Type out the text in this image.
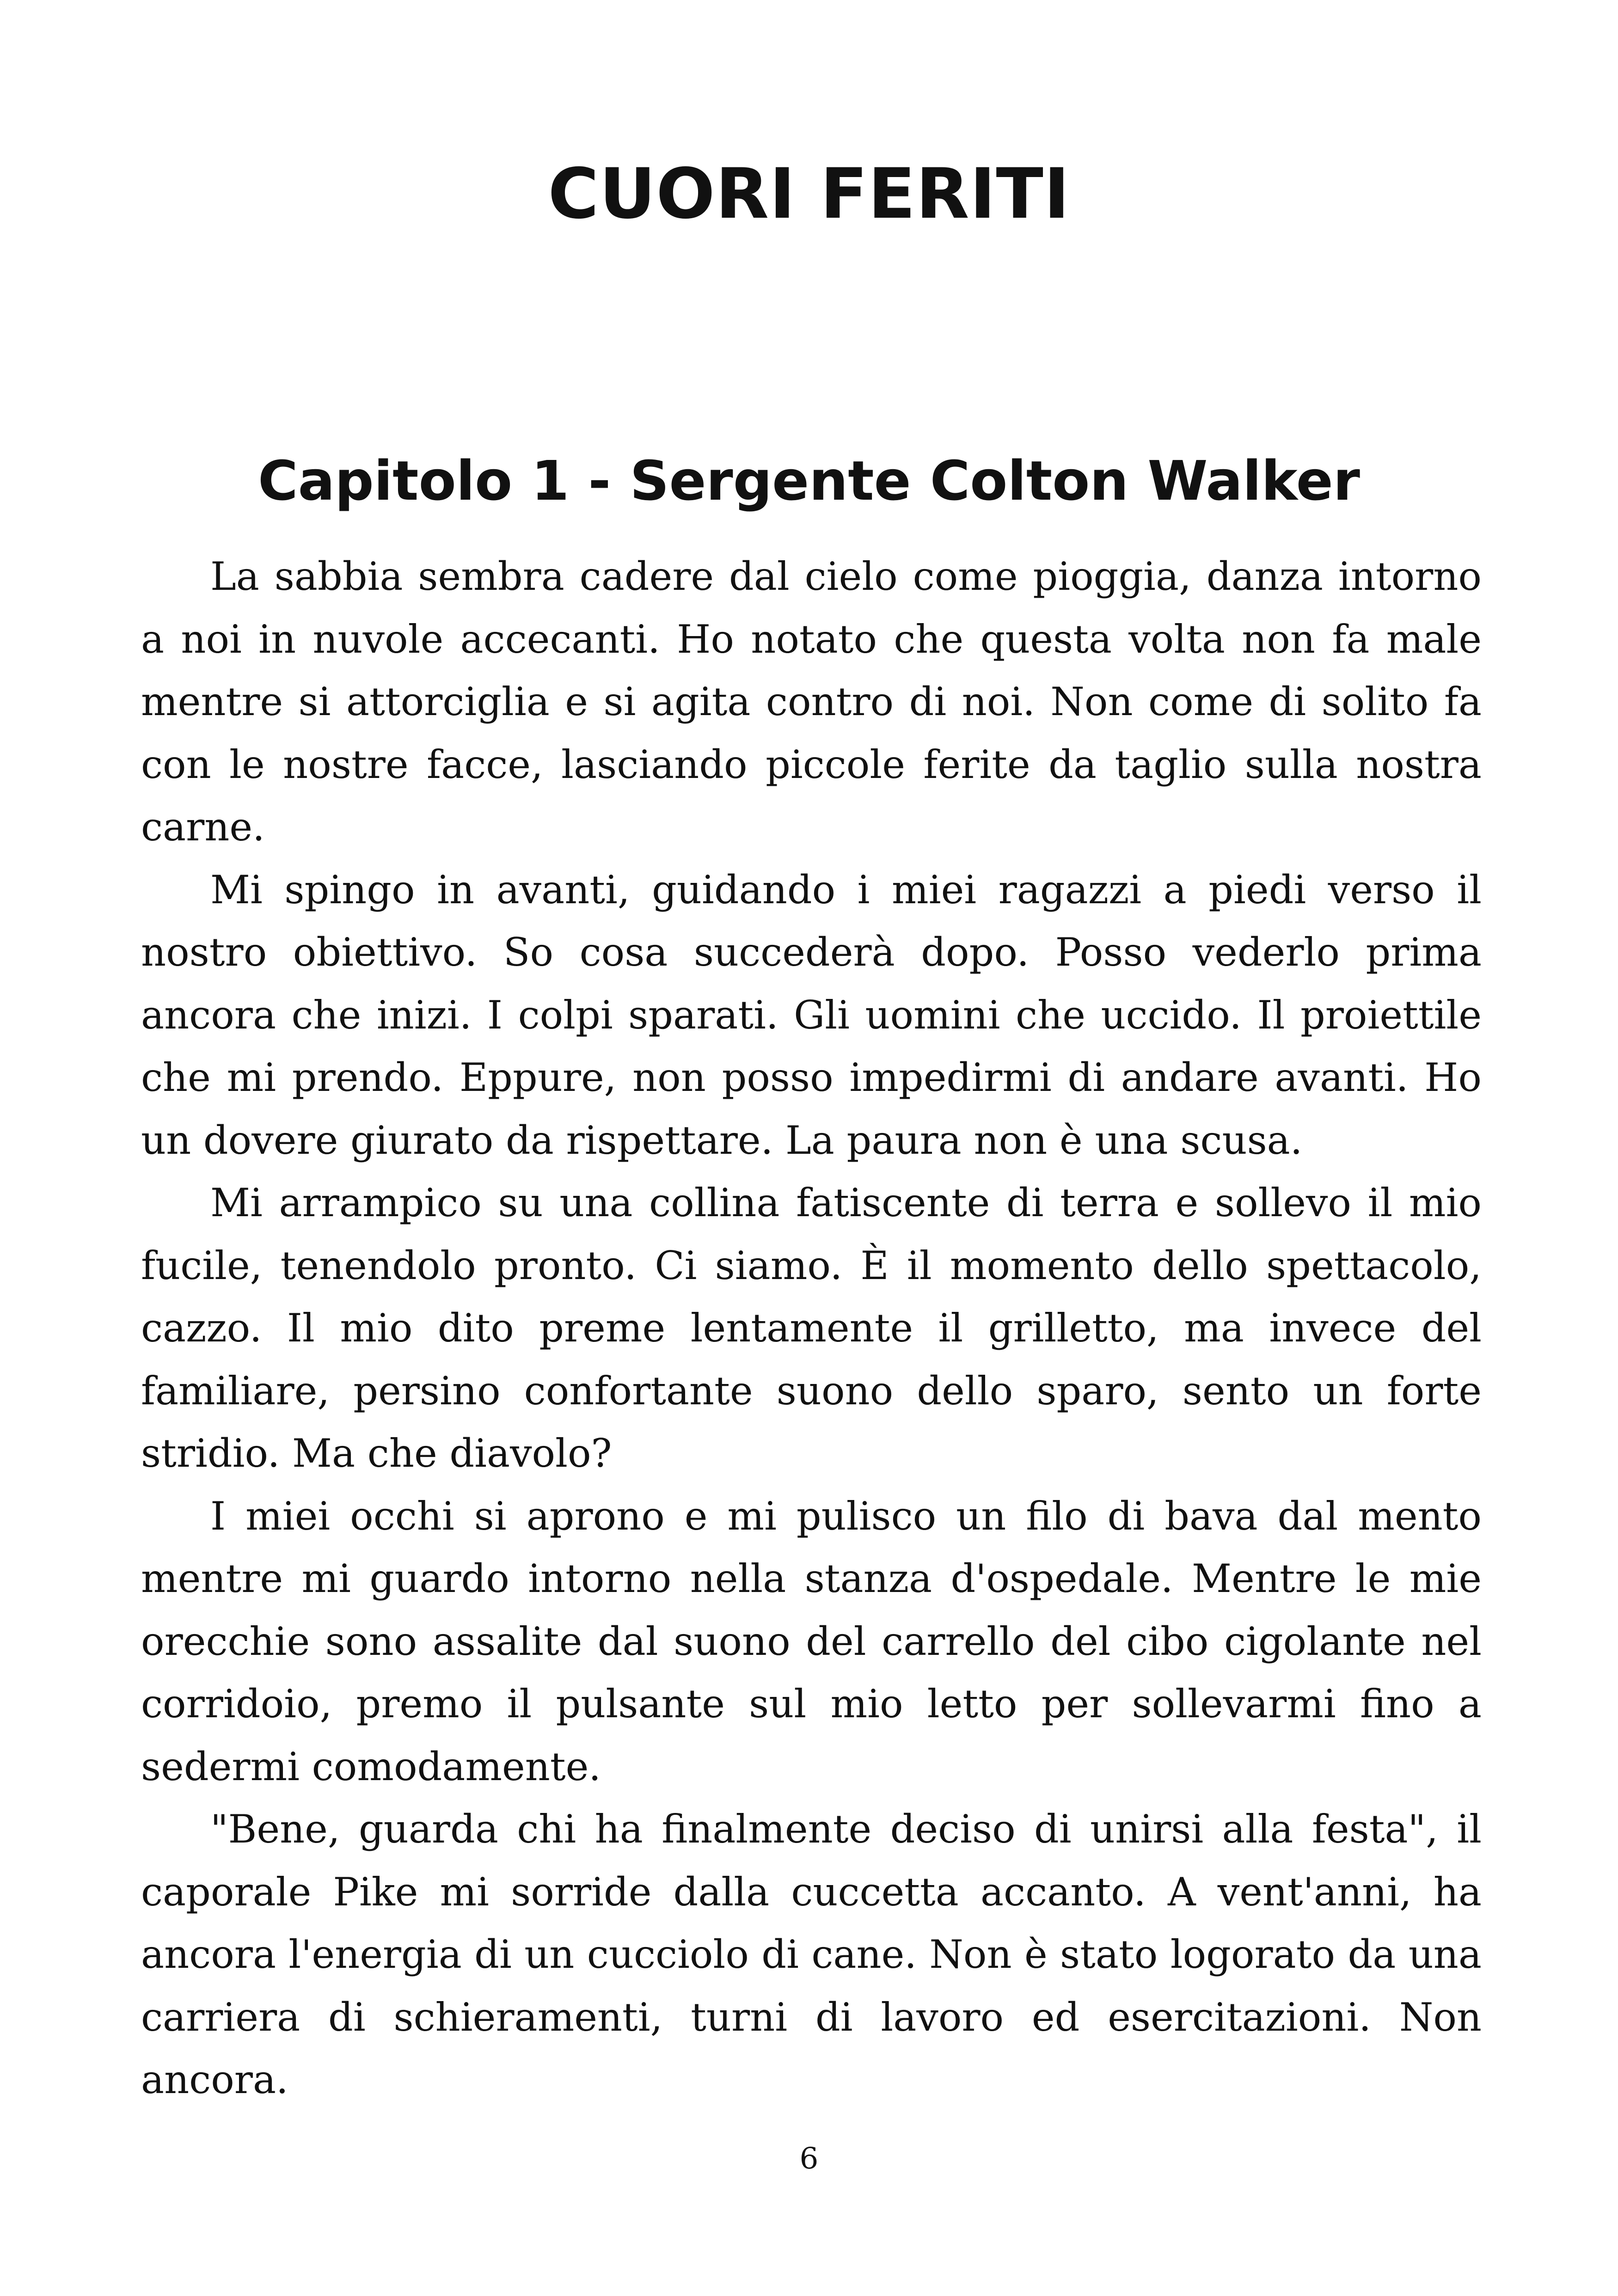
CUORI FERITI
Capitolo 1 - Sergente Colton Walker

La sabbia sembra cadere dal cielo come pioggia, danza intorno a noi in nuvole accecanti. Ho notato che questa volta non fa male mentre si attorciglia e si agita contro di noi. Non come di solito fa con le nostre facce, lasciando piccole ferite da taglio sulla nostra carne.

Mi spingo in avanti, guidando i miei ragazzi a piedi verso il nostro obiettivo. So cosa succederà dopo. Posso vederlo prima ancora che inizi. I colpi sparati. Gli uomini che uccido. Il proiettile che mi prendo. Eppure, non posso impedirmi di andare avanti. Ho un dovere giurato da rispettare. La paura non è una scusa.

Mi arrampico su una collina fatiscente di terra e sollevo il mio fucile, tenendolo pronto. Ci siamo. È il momento dello spettacolo, cazzo. Il mio dito preme lentamente il grilletto, ma invece del familiare, persino confortante suono dello sparo, sento un forte stridio. Ma che diavolo?

I miei occhi si aprono e mi pulisco un filo di bava dal mento mentre mi guardo intorno nella stanza d'ospedale. Mentre le mie orecchie sono assalite dal suono del carrello del cibo cigolante nel corridoio, premo il pulsante sul mio letto per sollevarmi fino a sedermi comodamente.

"Bene, guarda chi ha finalmente deciso di unirsi alla festa", il caporale Pike mi sorride dalla cuccetta accanto. A vent'anni, ha ancora l'energia di un cucciolo di cane. Non è stato logorato da una carriera di schieramenti, turni di lavoro ed esercitazioni. Non ancora.

6
